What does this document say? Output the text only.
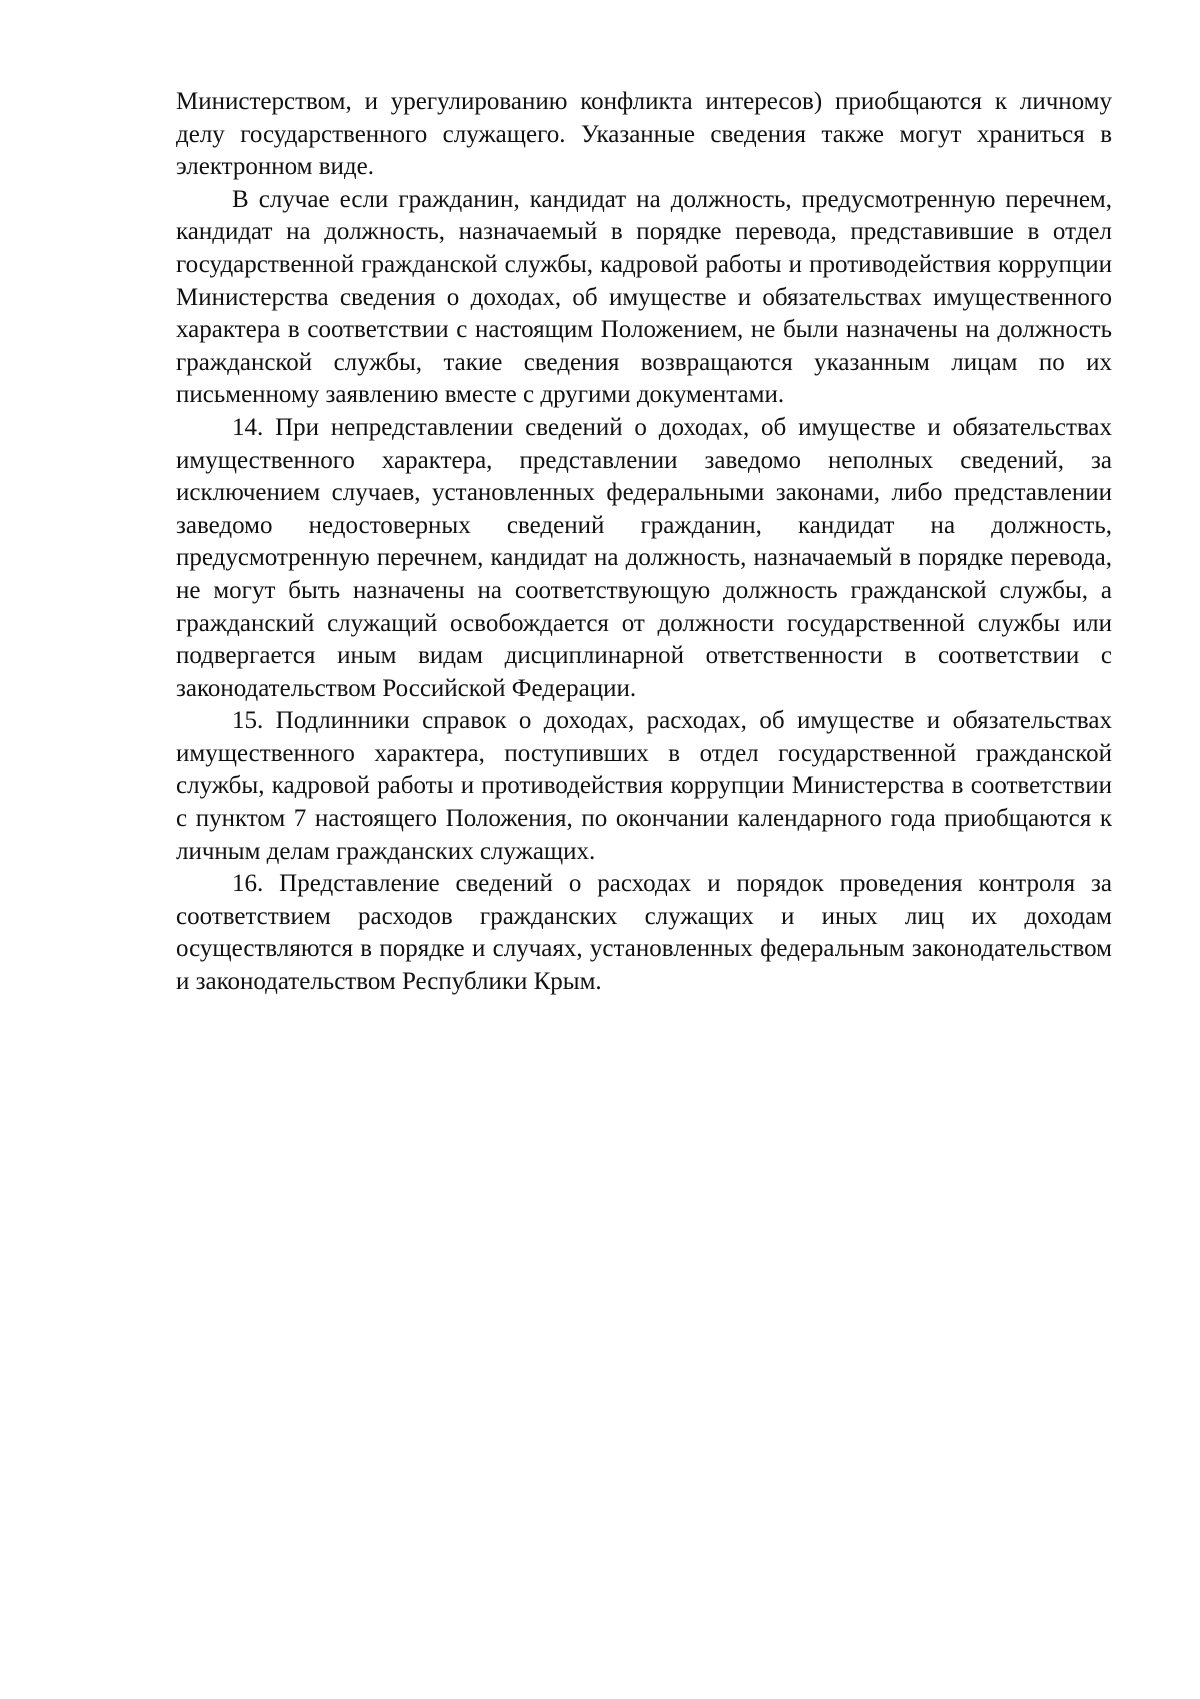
Министерством, и урегулированию конфликта интересов) приобщаются к личному делу государственного служащего. Указанные сведения также могут храниться в электронном виде.

В случае если гражданин, кандидат на должность, предусмотренную перечнем, кандидат на должность, назначаемый в порядке перевода, представившие в отдел государственной гражданской службы, кадровой работы и противодействия коррупции Министерства сведения о доходах, об имуществе и обязательствах имущественного характера в соответствии с настоящим Положением, не были назначены на должность гражданской службы, такие сведения возвращаются указанным лицам по их письменному заявлению вместе с другими документами.

14. При непредставлении сведений о доходах, об имуществе и обязательствах имущественного характера, представлении заведомо неполных сведений, за исключением случаев, установленных федеральными законами, либо представлении заведомо недостоверных сведений гражданин, кандидат на должность, предусмотренную перечнем, кандидат на должность, назначаемый в порядке перевода, не могут быть назначены на соответствующую должность гражданской службы, а гражданский служащий освобождается от должности государственной службы или подвергается иным видам дисциплинарной ответственности в соответствии с законодательством Российской Федерации.

15. Подлинники справок о доходах, расходах, об имуществе и обязательствах имущественного характера, поступивших в отдел государственной гражданской службы, кадровой работы и противодействия коррупции Министерства в соответствии с пунктом 7 настоящего Положения, по окончании календарного года приобщаются к личным делам гражданских служащих.

16. Представление сведений о расходах и порядок проведения контроля за соответствием расходов гражданских служащих и иных лиц их доходам осуществляются в порядке и случаях, установленных федеральным законодательством и законодательством Республики Крым.
